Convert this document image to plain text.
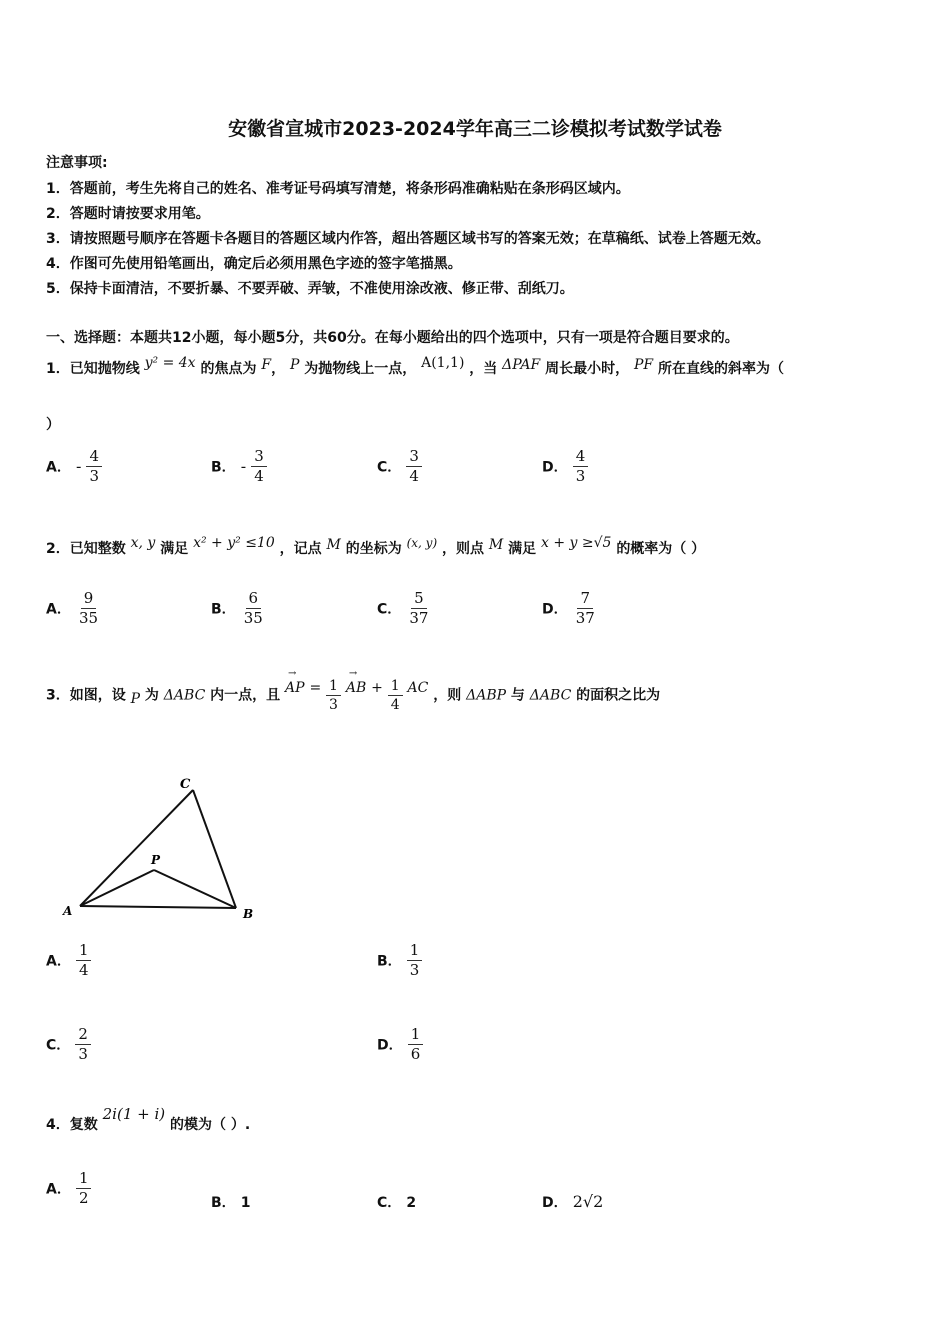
安徽省宣城市2023-2024学年高三二诊模拟考试数学试卷
注意事项:
1．答题前，考生先将自己的姓名、准考证号码填写清楚，将条形码准确粘贴在条形码区域内。
2．答题时请按要求用笔。
3．请按照题号顺序在答题卡各题目的答题区域内作答，超出答题区域书写的答案无效；在草稿纸、试卷上答题无效。
4．作图可先使用铅笔画出，确定后必须用黑色字迹的签字笔描黑。
5．保持卡面清洁，不要折暴、不要弄破、弄皱，不准使用涂改液、修正带、刮纸刀。
一、选择题：本题共12小题，每小题5分，共60分。在每小题给出的四个选项中，只有一项是符合题目要求的。
1．已知抛物线 y² = 4x 的焦点为 F， P 为抛物线上一点， A(1,1) ，当 ΔPAF 周长最小时， PF 所在直线的斜率为（
）
A． - $\frac{4}{3}$	B． - $\frac{3}{4}$	C． $\frac{3}{4}$	D． $\frac{4}{3}$
2．已知整数 x, y 满足 x² + y² ≤10 ，记点 M 的坐标为 (x, y) ，则点 M 满足 x + y ≥√5 的概率为（ ）
A． $\frac{9}{35}$	B． $\frac{6}{35}$	C． $\frac{5}{37}$	D． $\frac{7}{37}$
3．如图，设 P 为 ΔABC 内一点，且 → AP = $\frac{1}{3}$ → AB + $\frac{1}{4}$ AC ，则 ΔABP 与 ΔABC 的面积之比为
C
P
A	B
A． $\frac{1}{4}$	B． $\frac{1}{3}$
C． $\frac{2}{3}$	D． $\frac{1}{6}$
4．复数 2i(1 + i) 的模为（ ）.
A． $\frac{1}{2}$	B． 1	C． 2	D． 2√2
